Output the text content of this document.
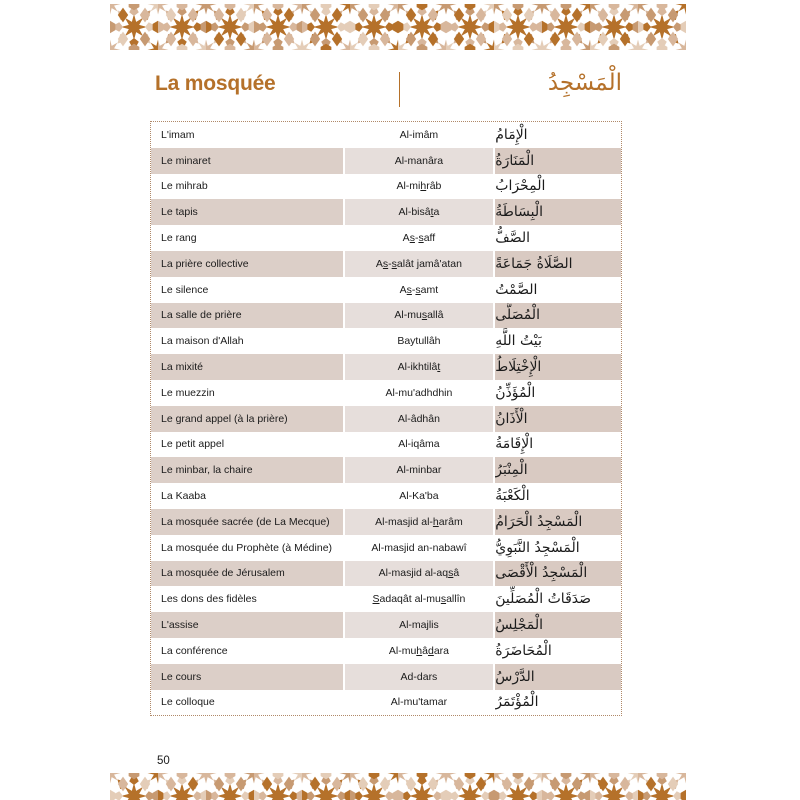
La mosquée	الْمَسْجِدُ
L'imam	Al-imâm	الْإِمَامُ
Le minaret	Al-manâra	الْمَنَارَةُ
Le mihrab	Al-mi h râb	الْمِحْرَابُ
Le tapis	Al-bisâ t a	الْبِسَاطَةُ
Le rang	A s - s aff	الصَّفُّ
La prière collective	A s - s alât jamâ'atan	الصَّلَاةُ جَمَاعَةً
Le silence	A s - s amt	الصَّمْتُ
La salle de prière	Al-mu s allâ	الْمُصَلَّى
La maison d'Allah	Baytullâh	بَيْتُ اللَّهِ
La mixité	Al-ikhtilâ t	الْإِخْتِلَاطُ
Le muezzin	Al-mu'adhdhin	الْمُؤَذِّنُ
Le grand appel (à la prière)	Al-âdhân	الْأَذَانُ
Le petit appel	Al-iqâma	الْإِقَامَةُ
Le minbar, la chaire	Al-minbar	الْمِنْبَرُ
La Kaaba	Al-Ka'ba	الْكَعْبَةُ
La mosquée sacrée (de La Mecque)	Al-masjid al- h arâm	الْمَسْجِدُ الْحَرَامُ
La mosquée du Prophète (à Médine)	Al-masjid an-nabawî	الْمَسْجِدُ النَّبَوِيُّ
La mosquée de Jérusalem	Al-masjid al-aq s â	الْمَسْجِدُ الْأَقْصَى
Les dons des fidèles	S adaqât al-mu s allîn	صَدَقَاتُ الْمُصَلِّينَ
L'assise	Al-majlis	الْمَجْلِسُ
La conférence	Al-mu h â d ara	الْمُحَاضَرَةُ
Le cours	Ad-dars	الدَّرْسُ
Le colloque	Al-mu'tamar	الْمُؤْتَمَرُ
50
